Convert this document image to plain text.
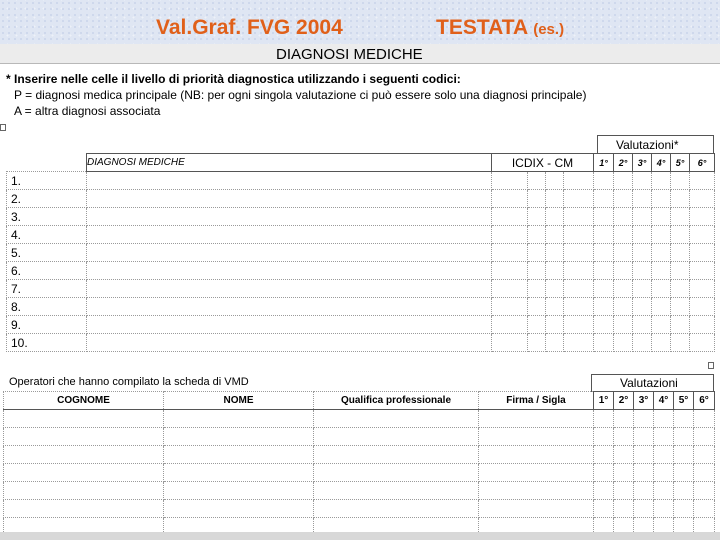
Val.Graf. FVG 2004	TESTATA (es.)
DIAGNOSI MEDICHE
* Inserire nelle celle il livello di priorità diagnostica utilizzando i seguenti codici:
P = diagnosi medica principale (NB: per ogni singola valutazione ci può essere solo una diagnosi principale)
A = altra diagnosi associata
Valutazioni*
	DIAGNOSI MEDICHE	ICDIX - CM				1°	2°	3°	4°	5°	6°
1.											
2.											
3.											
4.											
5.											
6.											
7.											
8.											
9.											
10.											
Operatori che hanno compilato la scheda di VMD	Valutazioni
COGNOME	NOME	Qualifica professionale	Firma / Sigla	1°	2°	3°	4°	5°	6°
